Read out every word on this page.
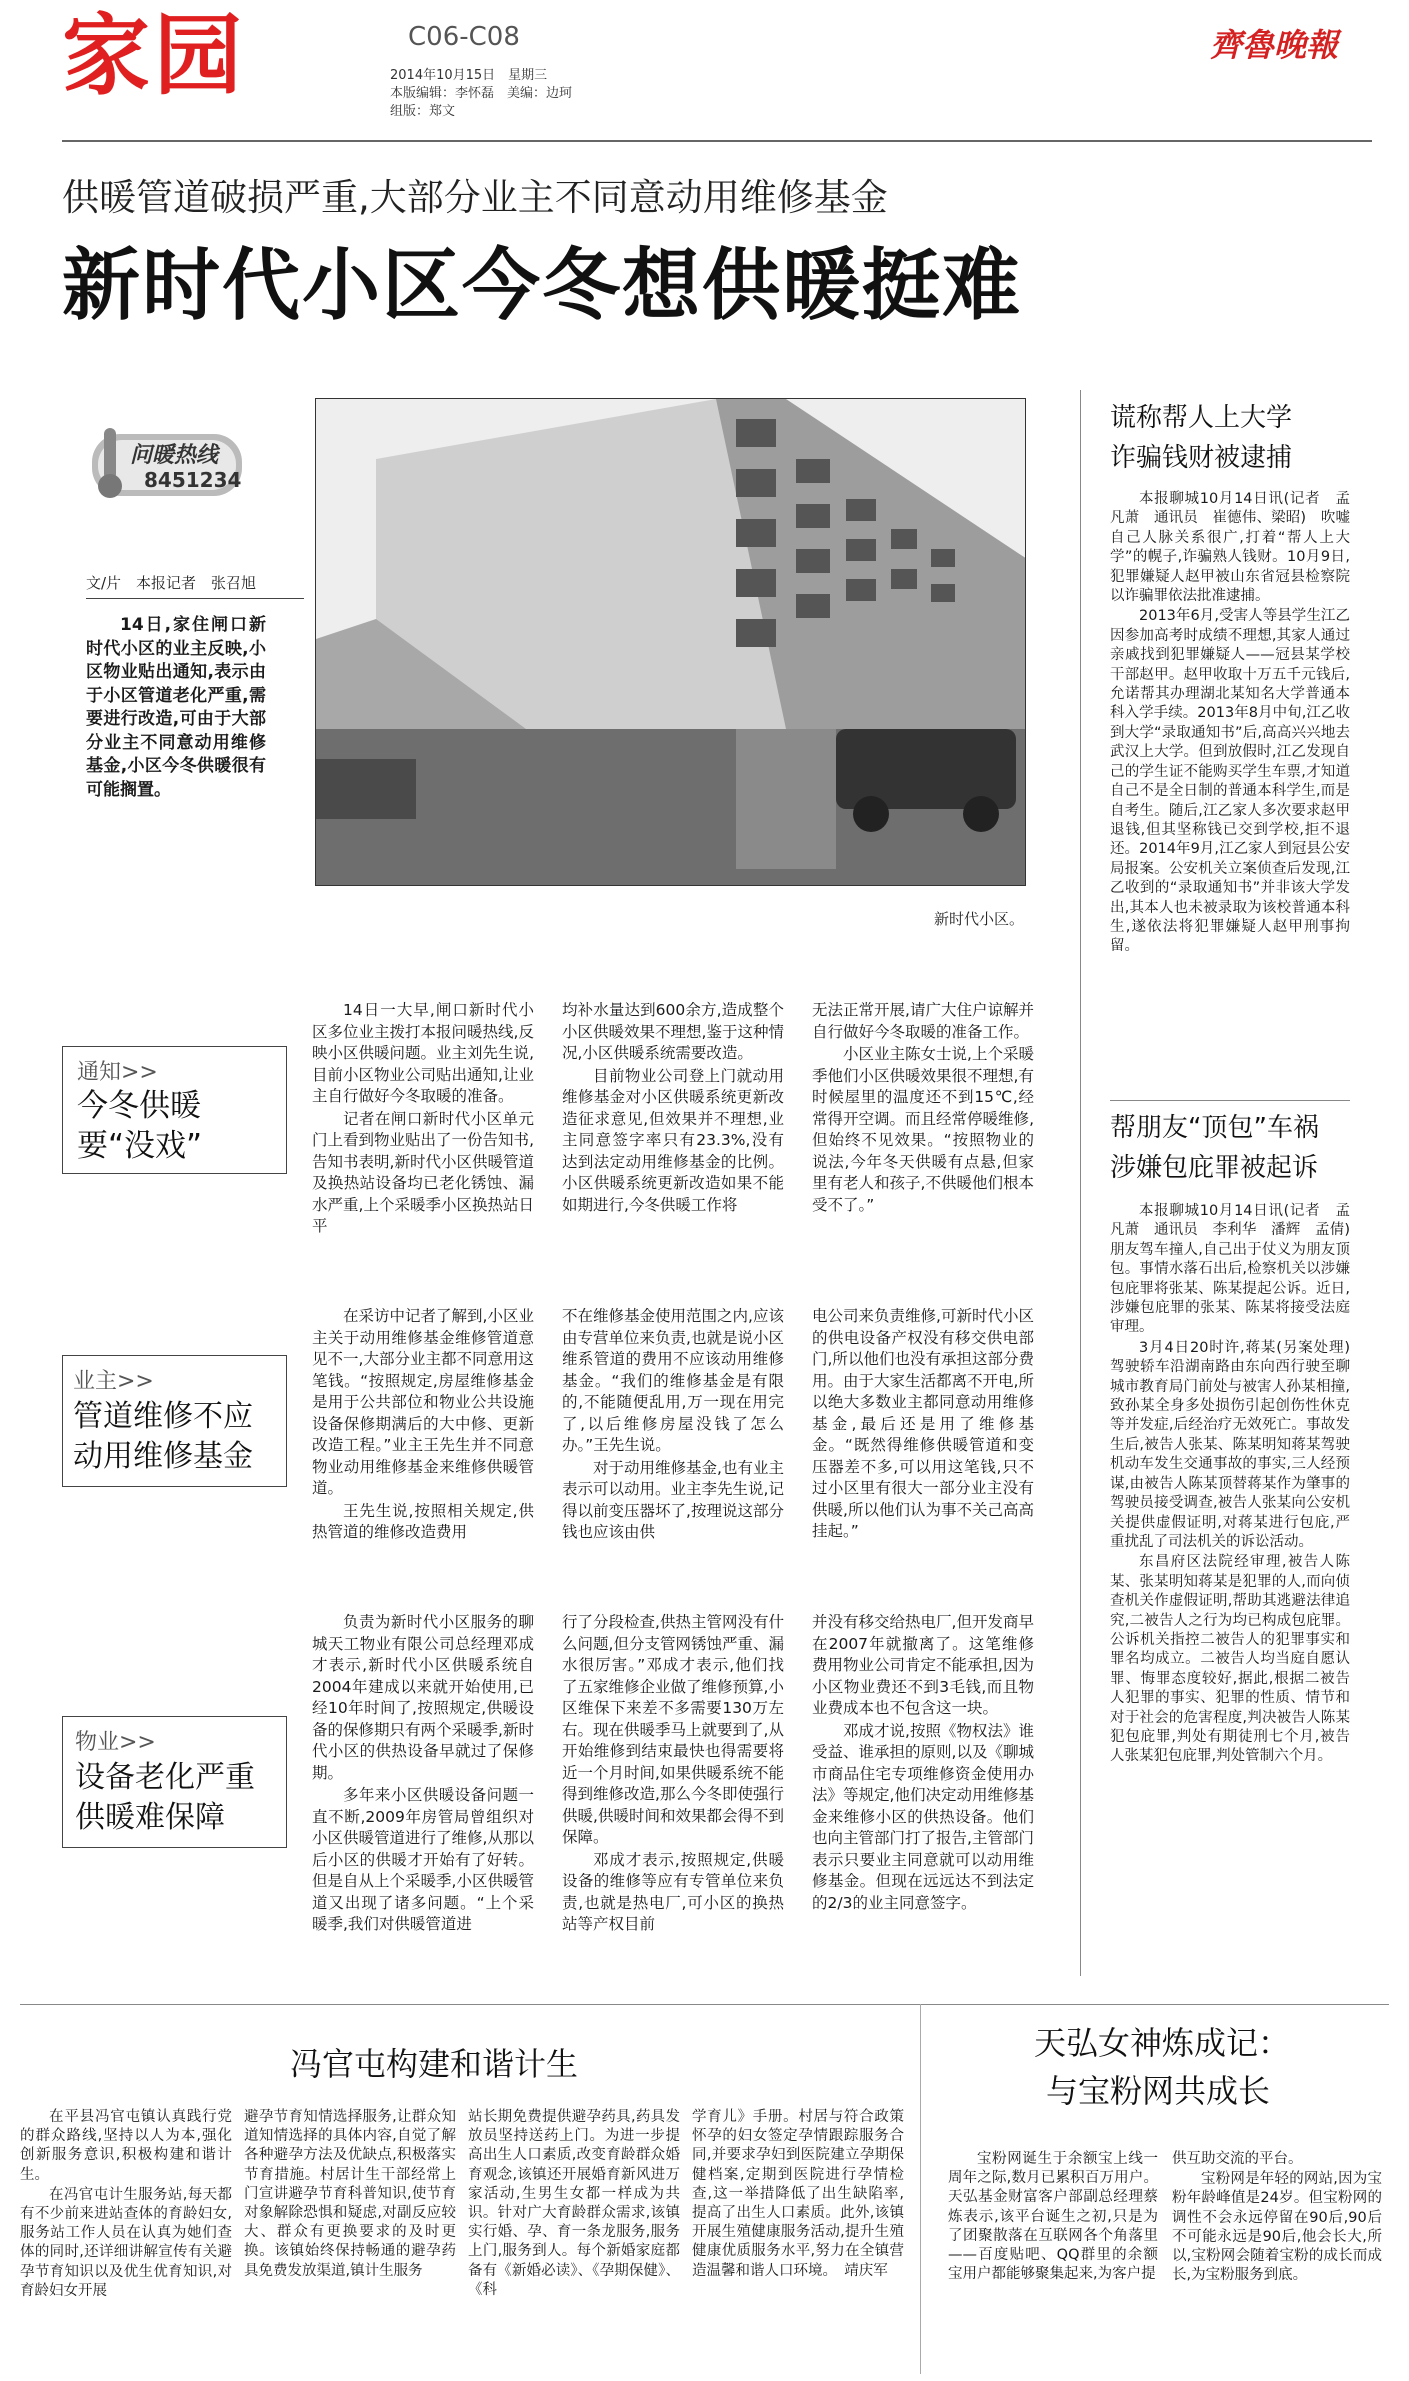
家园	C06-C08
2014年10月15日　星期三
本版编辑：李怀磊　美编：边珂
组版：郑文
齊魯晚報
供暖管道破损严重,大部分业主不同意动用维修基金
新时代小区今冬想供暖挺难
问暖热线
8451234
文/片　本报记者　张召旭

14日,家住闸口新时代小区的业主反映,小区物业贴出通知,表示由于小区管道老化严重,需要进行改造,可由于大部分业主不同意动用维修基金,小区今冬供暖很有可能搁置。

新时代小区。
通知>>
今冬供暖
要“没戏”
业主>>
管道维修不应
动用维修基金
物业>>
设备老化严重
供暖难保障

14日一大早,闸口新时代小区多位业主拨打本报问暖热线,反映小区供暖问题。业主刘先生说,目前小区物业公司贴出通知,让业主自行做好今冬取暖的准备。

记者在闸口新时代小区单元门上看到物业贴出了一份告知书,告知书表明,新时代小区供暖管道及换热站设备均已老化锈蚀、漏水严重,上个采暖季小区换热站日平

均补水量达到600余方,造成整个小区供暖效果不理想,鉴于这种情况,小区供暖系统需要改造。

目前物业公司登上门就动用维修基金对小区供暖系统更新改造征求意见,但效果并不理想,业主同意签字率只有23.3%,没有达到法定动用维修基金的比例。小区供暖系统更新改造如果不能如期进行,今冬供暖工作将

无法正常开展,请广大住户谅解并自行做好今冬取暖的准备工作。

小区业主陈女士说,上个采暖季他们小区供暖效果很不理想,有时候屋里的温度还不到15℃,经常得开空调。而且经常停暖维修,但始终不见效果。“按照物业的说法,今年冬天供暖有点悬,但家里有老人和孩子,不供暖他们根本受不了。”

在采访中记者了解到,小区业主关于动用维修基金维修管道意见不一,大部分业主都不同意用这笔钱。“按照规定,房屋维修基金是用于公共部位和物业公共设施设备保修期满后的大中修、更新改造工程。”业主王先生并不同意物业动用维修基金来维修供暖管道。

王先生说,按照相关规定,供热管道的维修改造费用

不在维修基金使用范围之内,应该由专营单位来负责,也就是说小区维系管道的费用不应该动用维修基金。“我们的维修基金是有限的,不能随便乱用,万一现在用完了,以后维修房屋没钱了怎么办。”王先生说。

对于动用维修基金,也有业主表示可以动用。业主李先生说,记得以前变压器坏了,按理说这部分钱也应该由供

电公司来负责维修,可新时代小区的供电设备产权没有移交供电部门,所以他们也没有承担这部分费用。由于大家生活都离不开电,所以绝大多数业主都同意动用维修基金,最后还是用了维修基金。“既然得维修供暖管道和变压器差不多,可以用这笔钱,只不过小区里有很大一部分业主没有供暖,所以他们认为事不关己高高挂起。”

负责为新时代小区服务的聊城天工物业有限公司总经理邓成才表示,新时代小区供暖系统自2004年建成以来就开始使用,已经10年时间了,按照规定,供暖设备的保修期只有两个采暖季,新时代小区的供热设备早就过了保修期。

多年来小区供暖设备问题一直不断,2009年房管局曾组织对小区供暖管道进行了维修,从那以后小区的供暖才开始有了好转。但是自从上个采暖季,小区供暖管道又出现了诸多问题。“上个采暖季,我们对供暖管道进

行了分段检查,供热主管网没有什么问题,但分支管网锈蚀严重、漏水很厉害。”邓成才表示,他们找了五家维修企业做了维修预算,小区维保下来差不多需要130万左右。现在供暖季马上就要到了,从开始维修到结束最快也得需要将近一个月时间,如果供暖系统不能得到维修改造,那么今冬即使强行供暖,供暖时间和效果都会得不到保障。

邓成才表示,按照规定,供暖设备的维修等应有专管单位来负责,也就是热电厂,可小区的换热站等产权目前

并没有移交给热电厂,但开发商早在2007年就撤离了。这笔维修费用物业公司肯定不能承担,因为小区物业费还不到3毛钱,而且物业费成本也不包含这一块。

邓成才说,按照《物权法》谁受益、谁承担的原则,以及《聊城市商品住宅专项维修资金使用办法》等规定,他们决定动用维修基金来维修小区的供热设备。他们也向主管部门打了报告,主管部门表示只要业主同意就可以动用维修基金。但现在远远达不到法定的2/3的业主同意签字。

谎称帮人上大学
诈骗钱财被逮捕

本报聊城10月14日讯(记者　孟凡萧　通讯员　崔德伟、梁昭)　吹嘘自己人脉关系很广,打着“帮人上大学”的幌子,诈骗熟人钱财。10月9日,犯罪嫌疑人赵甲被山东省冠县检察院以诈骗罪依法批准逮捕。

2013年6月,受害人等县学生江乙因参加高考时成绩不理想,其家人通过亲戚找到犯罪嫌疑人——冠县某学校干部赵甲。赵甲收取十万五千元钱后,允诺帮其办理湖北某知名大学普通本科入学手续。2013年8月中旬,江乙收到大学“录取通知书”后,高高兴兴地去武汉上大学。但到放假时,江乙发现自己的学生证不能购买学生车票,才知道自己不是全日制的普通本科学生,而是自考生。随后,江乙家人多次要求赵甲退钱,但其坚称钱已交到学校,拒不退还。2014年9月,江乙家人到冠县公安局报案。公安机关立案侦查后发现,江乙收到的“录取通知书”并非该大学发出,其本人也未被录取为该校普通本科生,遂依法将犯罪嫌疑人赵甲刑事拘留。

帮朋友“顶包”车祸
涉嫌包庇罪被起诉

本报聊城10月14日讯(记者　孟凡萧　通讯员　李利华　潘辉　孟倩)　朋友驾车撞人,自己出于仗义为朋友顶包。事情水落石出后,检察机关以涉嫌包庇罪将张某、陈某提起公诉。近日,涉嫌包庇罪的张某、陈某将接受法庭审理。

3月4日20时许,蒋某(另案处理)驾驶轿车沿湖南路由东向西行驶至聊城市教育局门前处与被害人孙某相撞,致孙某全身多处损伤引起创伤性休克等并发症,后经治疗无效死亡。事故发生后,被告人张某、陈某明知蒋某驾驶机动车发生交通事故的事实,三人经预谋,由被告人陈某顶替蒋某作为肇事的驾驶员接受调查,被告人张某向公安机关提供虚假证明,对蒋某进行包庇,严重扰乱了司法机关的诉讼活动。

东昌府区法院经审理,被告人陈某、张某明知蒋某是犯罪的人,而向侦查机关作虚假证明,帮助其逃避法律追究,二被告人之行为均已构成包庇罪。公诉机关指控二被告人的犯罪事实和罪名均成立。二被告人均当庭自愿认罪、悔罪态度较好,据此,根据二被告人犯罪的事实、犯罪的性质、情节和对于社会的危害程度,判决被告人陈某犯包庇罪,判处有期徒刑七个月,被告人张某犯包庇罪,判处管制六个月。

冯官屯构建和谐计生

在平县冯官屯镇认真践行党的群众路线,坚持以人为本,强化创新服务意识,积极构建和谐计生。

在冯官屯计生服务站,每天都有不少前来进站查体的育龄妇女,服务站工作人员在认真为她们查体的同时,还详细讲解宣传有关避孕节育知识以及优生优育知识,对育龄妇女开展

避孕节育知情选择服务,让群众知道知情选择的具体内容,自觉了解各种避孕方法及优缺点,积极落实节育措施。村居计生干部经常上门宣讲避孕节育科普知识,使节育对象解除恐惧和疑虑,对副反应较大、群众有更换要求的及时更换。该镇始终保持畅通的避孕药具免费发放渠道,镇计生服务

站长期免费提供避孕药具,药具发放员坚持送药上门。为进一步提高出生人口素质,改变育龄群众婚育观念,该镇还开展婚育新风进万家活动,生男生女都一样成为共识。针对广大育龄群众需求,该镇实行婚、孕、育一条龙服务,服务上门,服务到人。每个新婚家庭都备有《新婚必读》、《孕期保健》、《科

学育儿》手册。村居与符合政策怀孕的妇女签定孕情跟踪服务合同,并要求孕妇到医院建立孕期保健档案,定期到医院进行孕情检查,这一举措降低了出生缺陷率,提高了出生人口素质。此外,该镇开展生殖健康服务活动,提升生殖健康优质服务水平,努力在全镇营造温馨和谐人口环境。　靖庆军

天弘女神炼成记：
与宝粉网共成长

宝粉网诞生于余额宝上线一周年之际,数月已累积百万用户。天弘基金财富客户部副总经理蔡炼表示,该平台诞生之初,只是为了团聚散落在互联网各个角落里——百度贴吧、QQ群里的余额宝用户都能够聚集起来,为客户提

供互助交流的平台。

宝粉网是年轻的网站,因为宝粉年龄峰值是24岁。但宝粉网的调性不会永远停留在90后,90后不可能永远是90后,他会长大,所以,宝粉网会随着宝粉的成长而成长,为宝粉服务到底。
